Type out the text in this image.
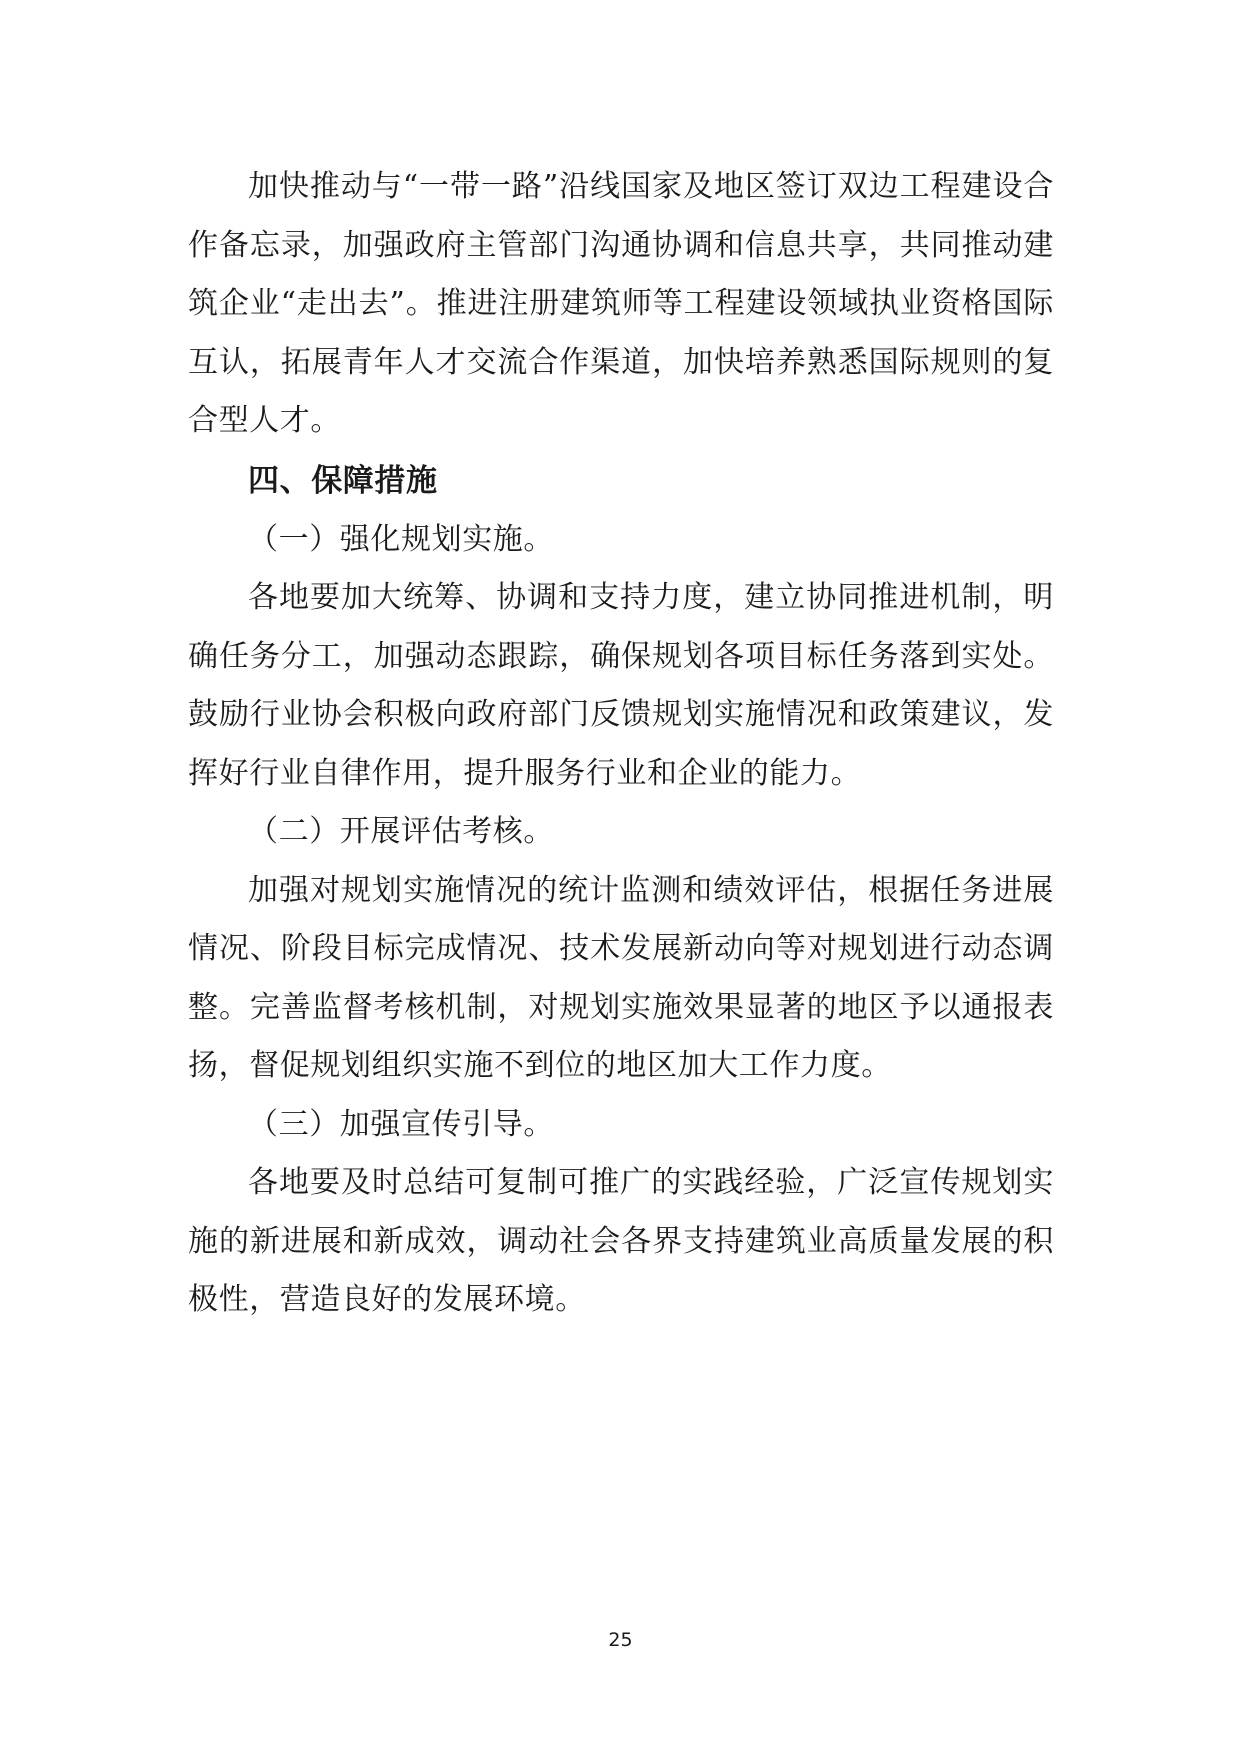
加快推动与“一带一路”沿线国家及地区签订双边工程建设合作备忘录，加强政府主管部门沟通协调和信息共享，共同推动建筑企业“走出去”。推进注册建筑师等工程建设领域执业资格国际互认，拓展青年人才交流合作渠道，加快培养熟悉国际规则的复合型人才。

四、保障措施

（一）强化规划实施。

各地要加大统筹、协调和支持力度，建立协同推进机制，明确任务分工，加强动态跟踪，确保规划各项目标任务落到实处。鼓励行业协会积极向政府部门反馈规划实施情况和政策建议，发挥好行业自律作用，提升服务行业和企业的能力。

（二）开展评估考核。

加强对规划实施情况的统计监测和绩效评估，根据任务进展情况、阶段目标完成情况、技术发展新动向等对规划进行动态调整。完善监督考核机制，对规划实施效果显著的地区予以通报表扬，督促规划组织实施不到位的地区加大工作力度。

（三）加强宣传引导。

各地要及时总结可复制可推广的实践经验，广泛宣传规划实施的新进展和新成效，调动社会各界支持建筑业高质量发展的积极性，营造良好的发展环境。

25
